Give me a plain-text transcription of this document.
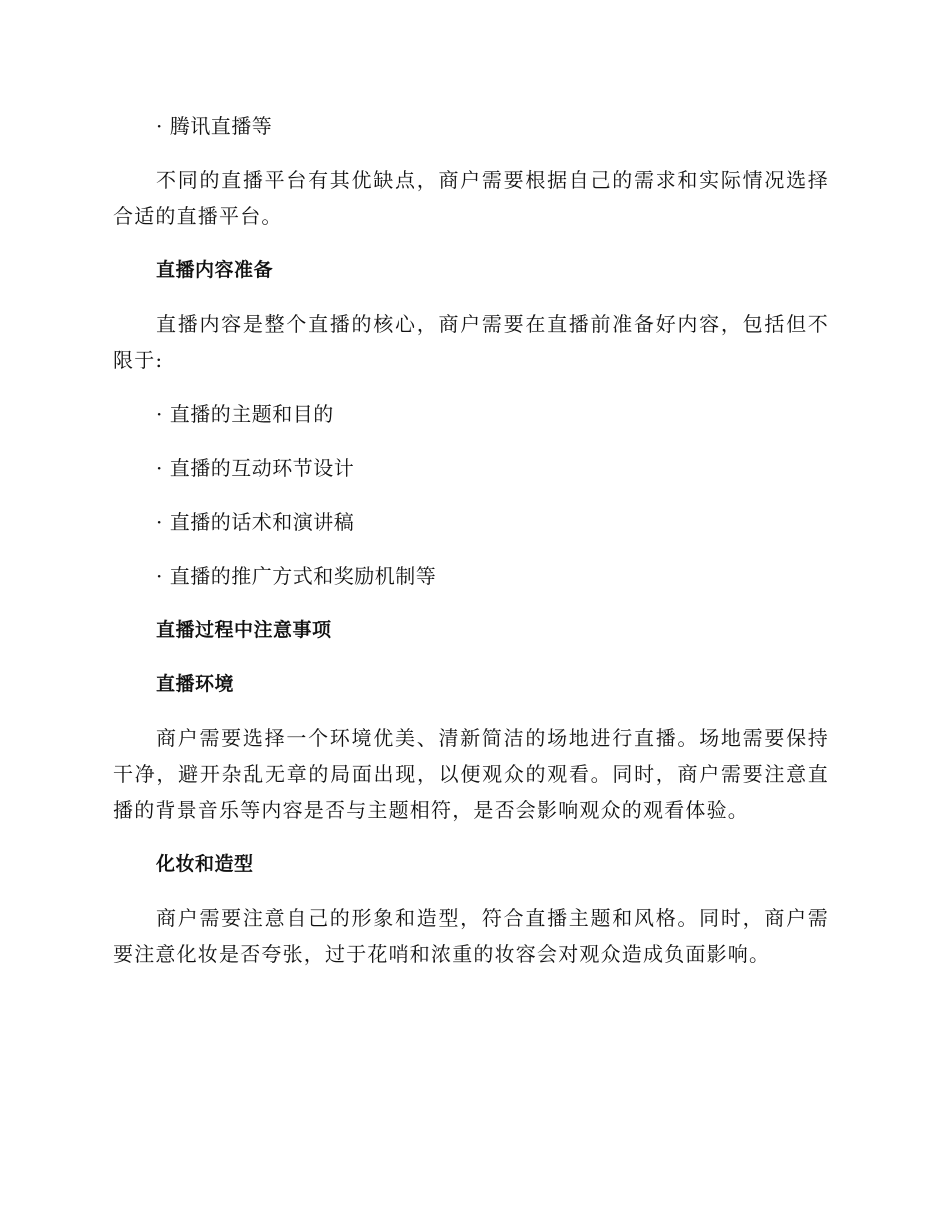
· 腾讯直播等

不同的直播平台有其优缺点，商户需要根据自己的需求和实际情况选择合适的直播平台。

直播内容准备

直播内容是整个直播的核心，商户需要在直播前准备好内容，包括但不限于:

· 直播的主题和目的

· 直播的互动环节设计

· 直播的话术和演讲稿

· 直播的推广方式和奖励机制等

直播过程中注意事项

直播环境

商户需要选择一个环境优美、清新简洁的场地进行直播。场地需要保持干净，避开杂乱无章的局面出现，以便观众的观看。同时，商户需要注意直播的背景音乐等内容是否与主题相符，是否会影响观众的观看体验。

化妆和造型

商户需要注意自己的形象和造型，符合直播主题和风格。同时，商户需要注意化妆是否夸张，过于花哨和浓重的妆容会对观众造成负面影响。
